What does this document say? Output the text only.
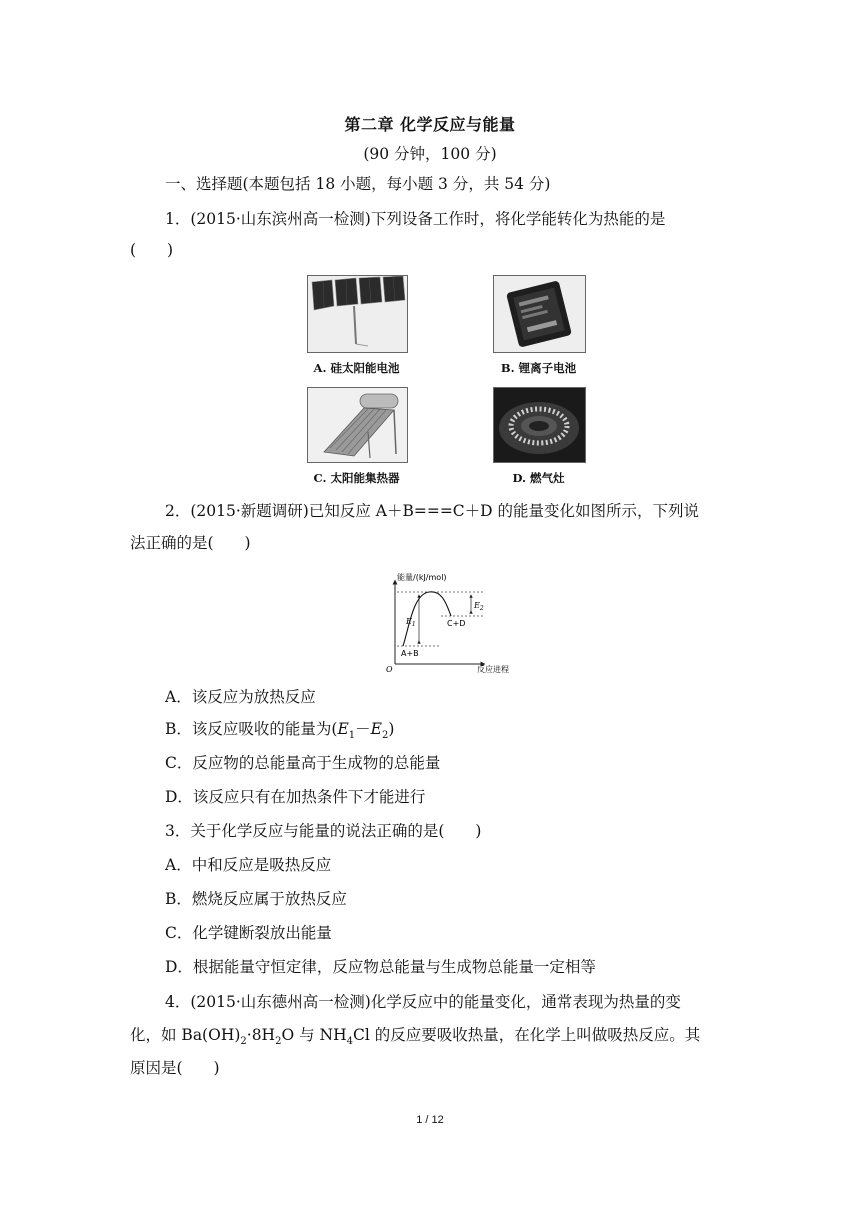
第二章 化学反应与能量
(90 分钟，100 分)
一、选择题(本题包括 18 小题，每小题 3 分，共 54 分)
1．(2015·山东滨州高一检测)下列设备工作时，将化学能转化为热能的是
(　　)
A. 硅太阳能电池	B. 锂离子电池
C. 太阳能集热器	D. 燃气灶
2．(2015·新题调研)已知反应 A＋B===C＋D 的能量变化如图所示，下列说
法正确的是(　　)
能量/(kJ/mol)
反应进程
O
$E_1$
$E_2$
A+B
C+D
A．该反应为放热反应
B．该反应吸收的能量为$(E_1-E_2)$
C．反应物的总能量高于生成物的总能量
D．该反应只有在加热条件下才能进行
3．关于化学反应与能量的说法正确的是(　　)
A．中和反应是吸热反应
B．燃烧反应属于放热反应
C．化学键断裂放出能量
D．根据能量守恒定律，反应物总能量与生成物总能量一定相等
4．(2015·山东德州高一检测)化学反应中的能量变化，通常表现为热量的变
化，如 $Ba(OH)_2\cdot 8H_2O$ 与 $NH_4Cl$ 的反应要吸收热量，在化学上叫做吸热反应。其
原因是(　　)
1 / 12
